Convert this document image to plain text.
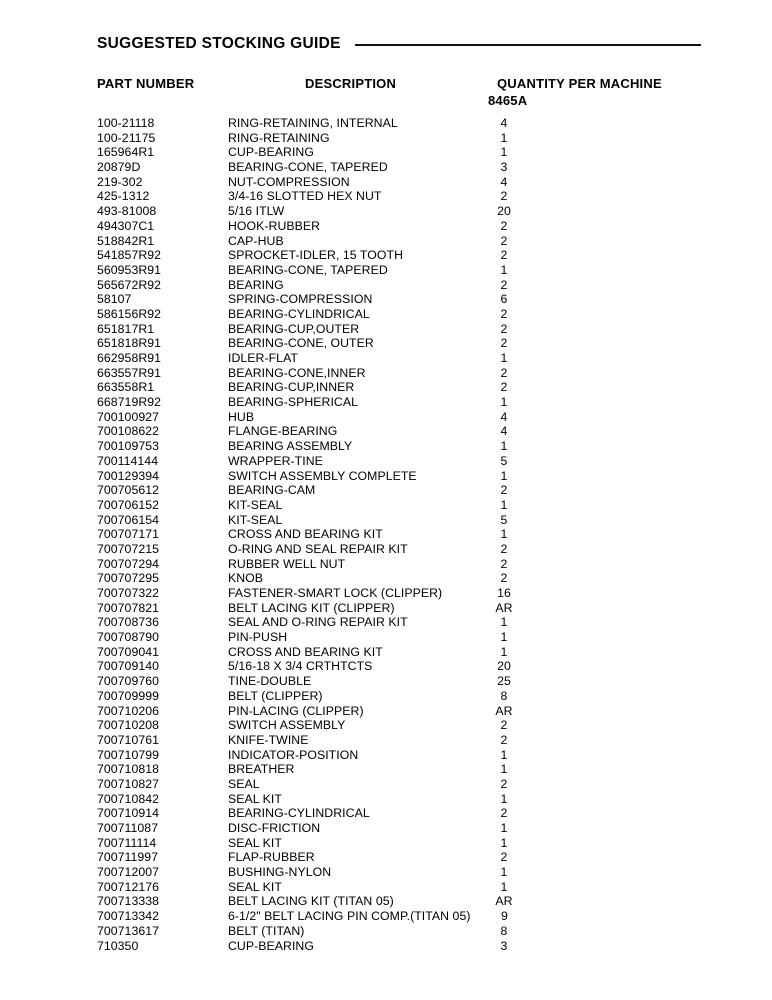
SUGGESTED STOCKING GUIDE
PART NUMBER	DESCRIPTION	QUANTITY PER MACHINE
8465A
100-21118	RING-RETAINING, INTERNAL	4
100-21175	RING-RETAINING	1
165964R1	CUP-BEARING	1
20879D	BEARING-CONE, TAPERED	3
219-302	NUT-COMPRESSION	4
425-1312	3/4-16 SLOTTED HEX NUT	2
493-81008	5/16 ITLW	20
494307C1	HOOK-RUBBER	2
518842R1	CAP-HUB	2
541857R92	SPROCKET-IDLER, 15 TOOTH	2
560953R91	BEARING-CONE, TAPERED	1
565672R92	BEARING	2
58107	SPRING-COMPRESSION	6
586156R92	BEARING-CYLINDRICAL	2
651817R1	BEARING-CUP,OUTER	2
651818R91	BEARING-CONE, OUTER	2
662958R91	IDLER-FLAT	1
663557R91	BEARING-CONE,INNER	2
663558R1	BEARING-CUP,INNER	2
668719R92	BEARING-SPHERICAL	1
700100927	HUB	4
700108622	FLANGE-BEARING	4
700109753	BEARING ASSEMBLY	1
700114144	WRAPPER-TINE	5
700129394	SWITCH ASSEMBLY COMPLETE	1
700705612	BEARING-CAM	2
700706152	KIT-SEAL	1
700706154	KIT-SEAL	5
700707171	CROSS AND BEARING KIT	1
700707215	O-RING AND SEAL REPAIR KIT	2
700707294	RUBBER WELL NUT	2
700707295	KNOB	2
700707322	FASTENER-SMART LOCK (CLIPPER)	16
700707821	BELT LACING KIT (CLIPPER)	AR
700708736	SEAL AND O-RING REPAIR KIT	1
700708790	PIN-PUSH	1
700709041	CROSS AND BEARING KIT	1
700709140	5/16-18 X 3/4 CRTHTCTS	20
700709760	TINE-DOUBLE	25
700709999	BELT (CLIPPER)	8
700710206	PIN-LACING (CLIPPER)	AR
700710208	SWITCH ASSEMBLY	2
700710761	KNIFE-TWINE	2
700710799	INDICATOR-POSITION	1
700710818	BREATHER	1
700710827	SEAL	2
700710842	SEAL KIT	1
700710914	BEARING-CYLINDRICAL	2
700711087	DISC-FRICTION	1
700711114	SEAL KIT	1
700711997	FLAP-RUBBER	2
700712007	BUSHING-NYLON	1
700712176	SEAL KIT	1
700713338	BELT LACING KIT (TITAN 05)	AR
700713342	6-1/2" BELT LACING PIN COMP.(TITAN 05) 9
700713617	BELT (TITAN)	8
710350	CUP-BEARING	3
